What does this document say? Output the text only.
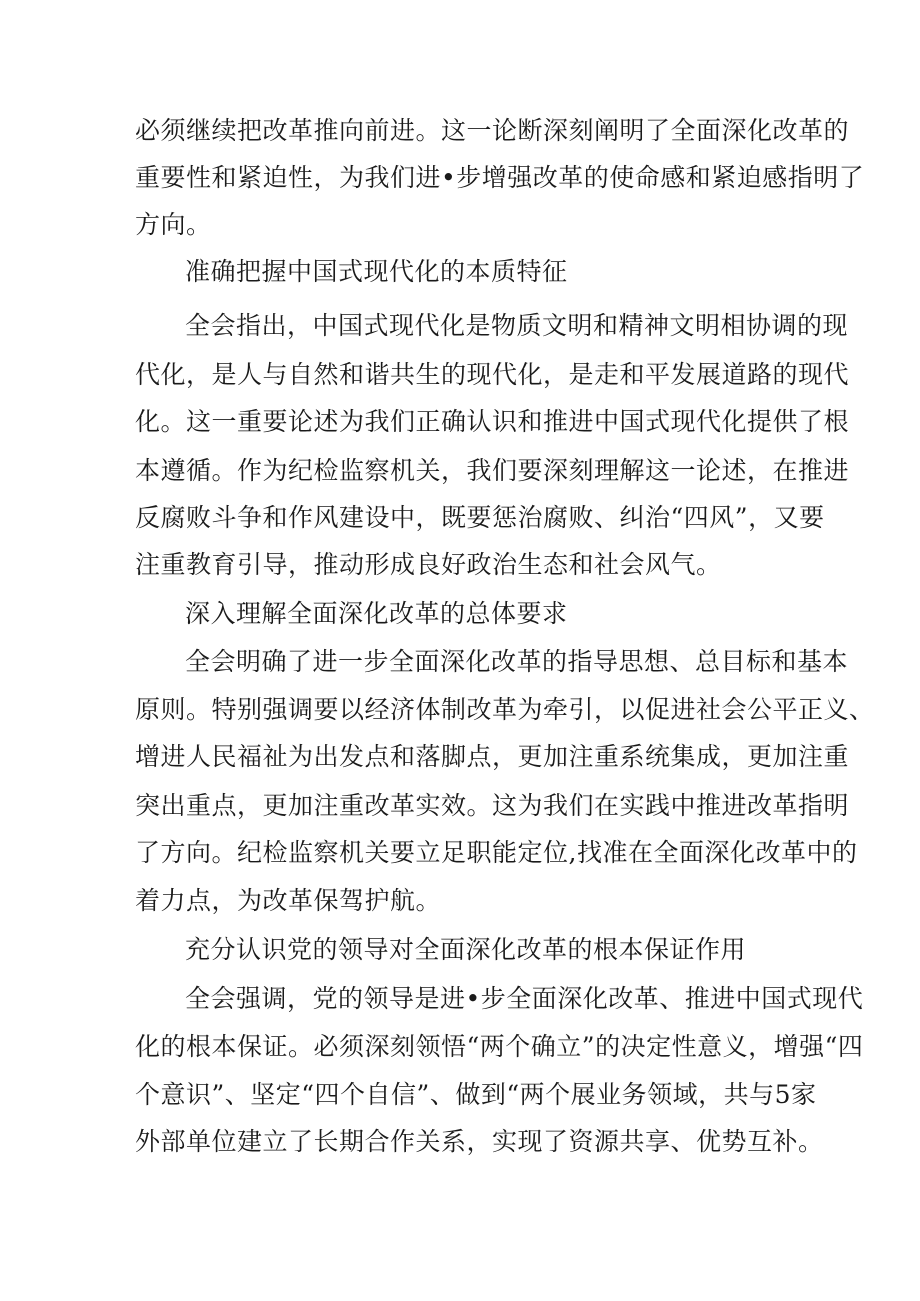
必须继续把改革推向前进。这一论断深刻阐明了全面深化改革的
重要性和紧迫性，为我们进•步增强改革的使命感和紧迫感指明了
方向。
准确把握中国式现代化的本质特征
全会指出，中国式现代化是物质文明和精神文明相协调的现
代化，是人与自然和谐共生的现代化，是走和平发展道路的现代
化。这一重要论述为我们正确认识和推进中国式现代化提供了根
本遵循。作为纪检监察机关，我们要深刻理解这一论述，在推进
反腐败斗争和作风建设中，既要惩治腐败、纠治“四风”，又要
注重教育引导，推动形成良好政治生态和社会风气。
深入理解全面深化改革的总体要求
全会明确了进一步全面深化改革的指导思想、总目标和基本
原则。特别强调要以经济体制改革为牵引，以促进社会公平正义、
增进人民福祉为出发点和落脚点，更加注重系统集成，更加注重
突出重点，更加注重改革实效。这为我们在实践中推进改革指明
了方向。纪检监察机关要立足职能定位,找准在全面深化改革中的
着力点，为改革保驾护航。
充分认识党的领导对全面深化改革的根本保证作用
全会强调，党的领导是进•步全面深化改革、推进中国式现代
化的根本保证。必须深刻领悟“两个确立”的决定性意义，增强“四
个意识”、坚定“四个自信”、做到“两个展业务领域，共与5家
外部单位建立了长期合作关系，实现了资源共享、优势互补。
